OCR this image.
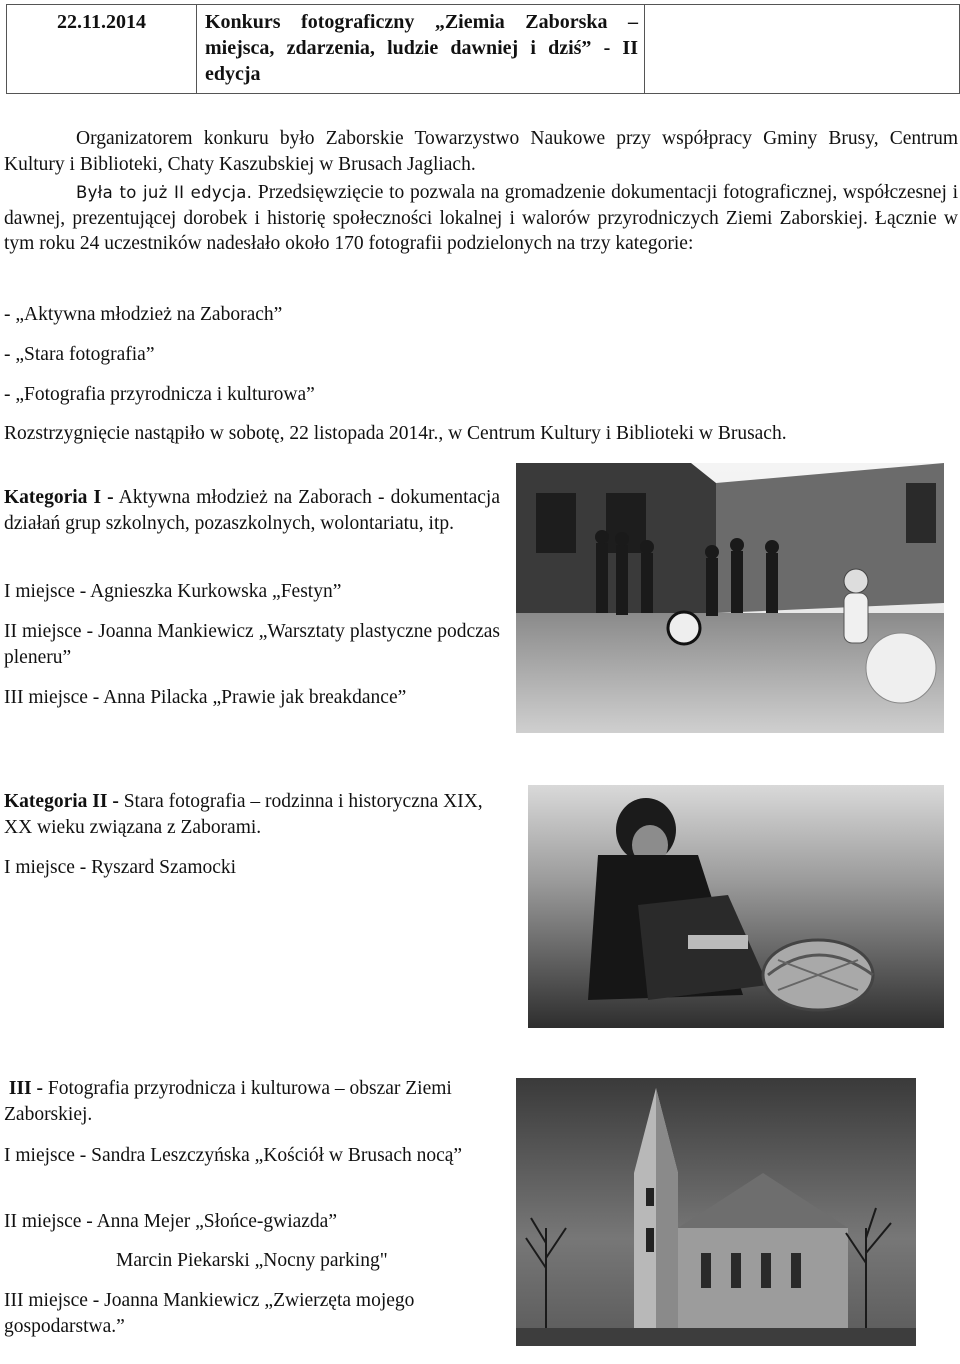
22.11.2014	Konkurs fotograficzny „Ziemia Zaborska – miejsca, zdarzenia, ludzie dawniej i dziś” - II edycja
Organizatorem konkuru było Zaborskie Towarzystwo Naukowe przy współpracy Gminy Brusy, Centrum Kultury i Biblioteki, Chaty Kaszubskiej w Brusach Jagliach.
Była to już II edycja. Przedsięwzięcie to pozwala na gromadzenie dokumentacji fotograficznej, współczesnej i dawnej, prezentującej dorobek i historię społeczności lokalnej i walorów przyrodniczych Ziemi Zaborskiej. Łącznie w tym roku 24 uczestników nadesłało około 170 fotografii podzielonych na trzy kategorie:
- „Aktywna młodzież na Zaborach”
- „Stara fotografia”
- „Fotografia przyrodnicza i kulturowa”
Rozstrzygnięcie nastąpiło w sobotę, 22 listopada 2014r., w Centrum Kultury i Biblioteki w Brusach.
Kategoria I - Aktywna młodzież na Zaborach - dokumentacja działań grup szkolnych, pozaszkolnych, wolontariatu, itp.
I miejsce - Agnieszka Kurkowska „Festyn”
II miejsce - Joanna Mankiewicz „Warsztaty plastyczne podczas pleneru”
III miejsce - Anna Pilacka „Prawie jak breakdance”
Kategoria II - Stara fotografia – rodzinna i historyczna XIX, XX wieku związana z Zaborami.
I miejsce - Ryszard Szamocki
III - Fotografia przyrodnicza i kulturowa – obszar Ziemi Zaborskiej.
I miejsce - Sandra Leszczyńska „Kościół w Brusach nocą”
II miejsce - Anna Mejer „Słońce-gwiazda”
Marcin Piekarski „Nocny parking"
III miejsce - Joanna Mankiewicz „Zwierzęta mojego gospodarstwa.”
